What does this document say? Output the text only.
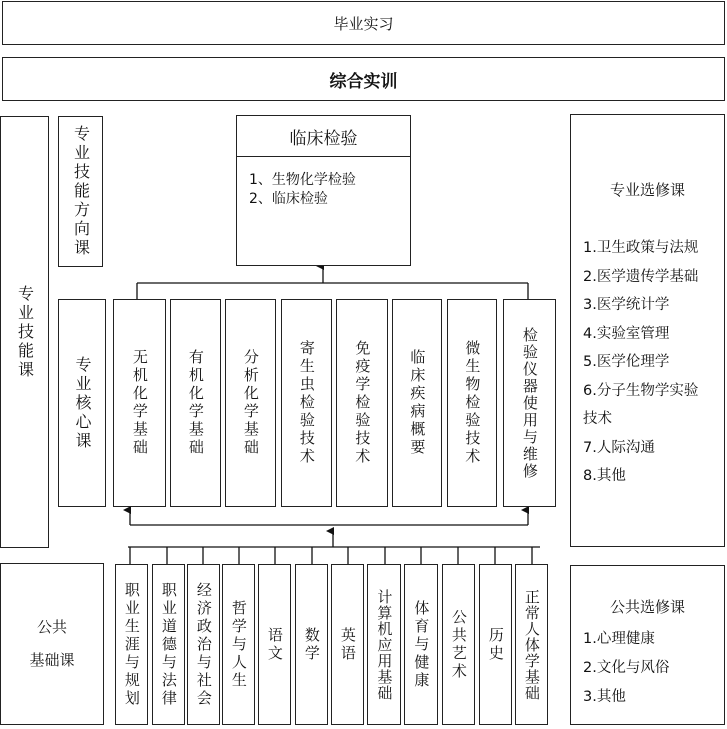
毕业实习
综合实训
专业技能课
专业技能方向课
专业核心课
公共
基础课
临床检验
1、生物化学检验
2、临床检验
无机化学基础	有机化学基础 分析化学基础	寄生虫检验技术	免疫学检验技术 临床疾病概要 微生物检验技术	检验仪器使用与维修
职业生涯与规划 职业道德与法律 经济政治与社会 哲学与人生 语文 数学 英语 计算机应用基础 体育与健康 公共艺术 历史 正常人体学基础
专业选修课
1.卫生政策与法规
2.医学遗传学基础
3.医学统计学
4.实验室管理
5.医学伦理学
6.分子生物学实验
技术
7.人际沟通
8.其他
公共选修课
1.心理健康
2.文化与风俗
3.其他
